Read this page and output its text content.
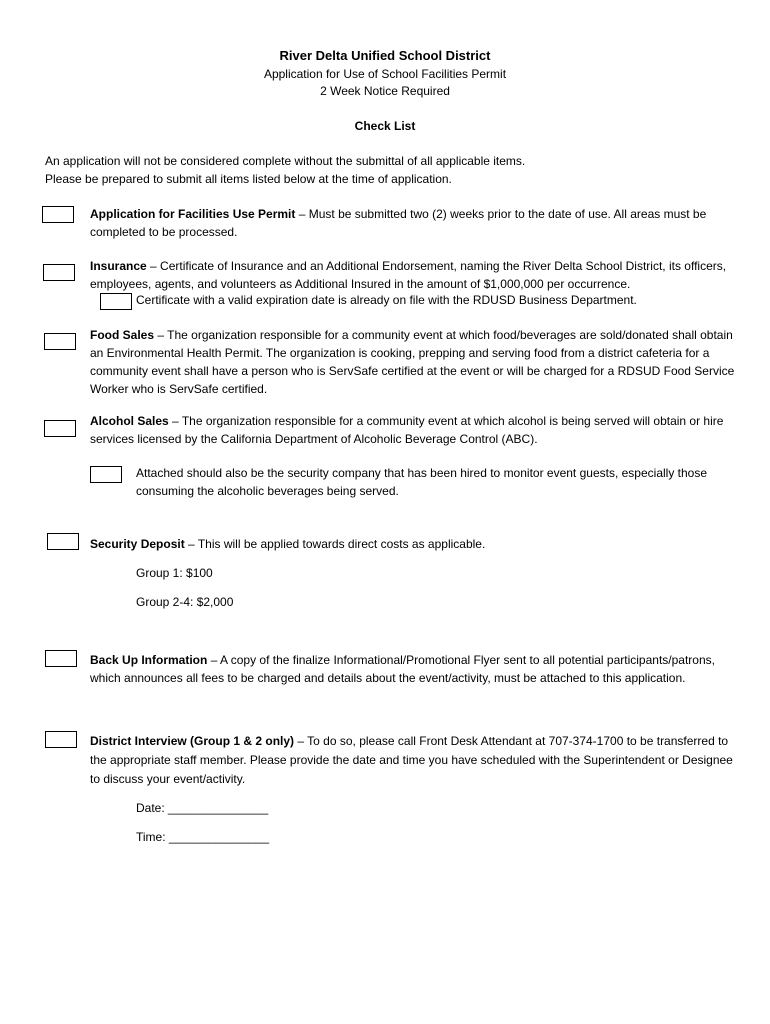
River Delta Unified School District
Application for Use of School Facilities Permit
2 Week Notice Required
Check List
An application will not be considered complete without the submittal of all applicable items.
Please be prepared to submit all items listed below at the time of application.
Application for Facilities Use Permit – Must be submitted two (2) weeks prior to the date of use. All areas must be completed to be processed.
Insurance – Certificate of Insurance and an Additional Endorsement, naming the River Delta School District, its officers, employees, agents, and volunteers as Additional Insured in the amount of $1,000,000 per occurrence.
Certificate with a valid expiration date is already on file with the RDUSD Business Department.
Food Sales – The organization responsible for a community event at which food/beverages are sold/donated shall obtain an Environmental Health Permit. The organization is cooking, prepping and serving food from a district cafeteria for a community event shall have a person who is ServSafe certified at the event or will be charged for a RDSUD Food Service Worker who is ServSafe certified.
Alcohol Sales – The organization responsible for a community event at which alcohol is being served will obtain or hire services licensed by the California Department of Alcoholic Beverage Control (ABC).
Attached should also be the security company that has been hired to monitor event guests, especially those consuming the alcoholic beverages being served.
Security Deposit – This will be applied towards direct costs as applicable.
Group 1: $100
Group 2-4: $2,000
Back Up Information – A copy of the finalize Informational/Promotional Flyer sent to all potential participants/patrons, which announces all fees to be charged and details about the event/activity, must be attached to this application.
District Interview (Group 1 & 2 only) – To do so, please call Front Desk Attendant at 707-374-1700 to be transferred to the appropriate staff member. Please provide the date and time you have scheduled with the Superintendent or Designee to discuss your event/activity.
Date: _______________
Time: _______________
